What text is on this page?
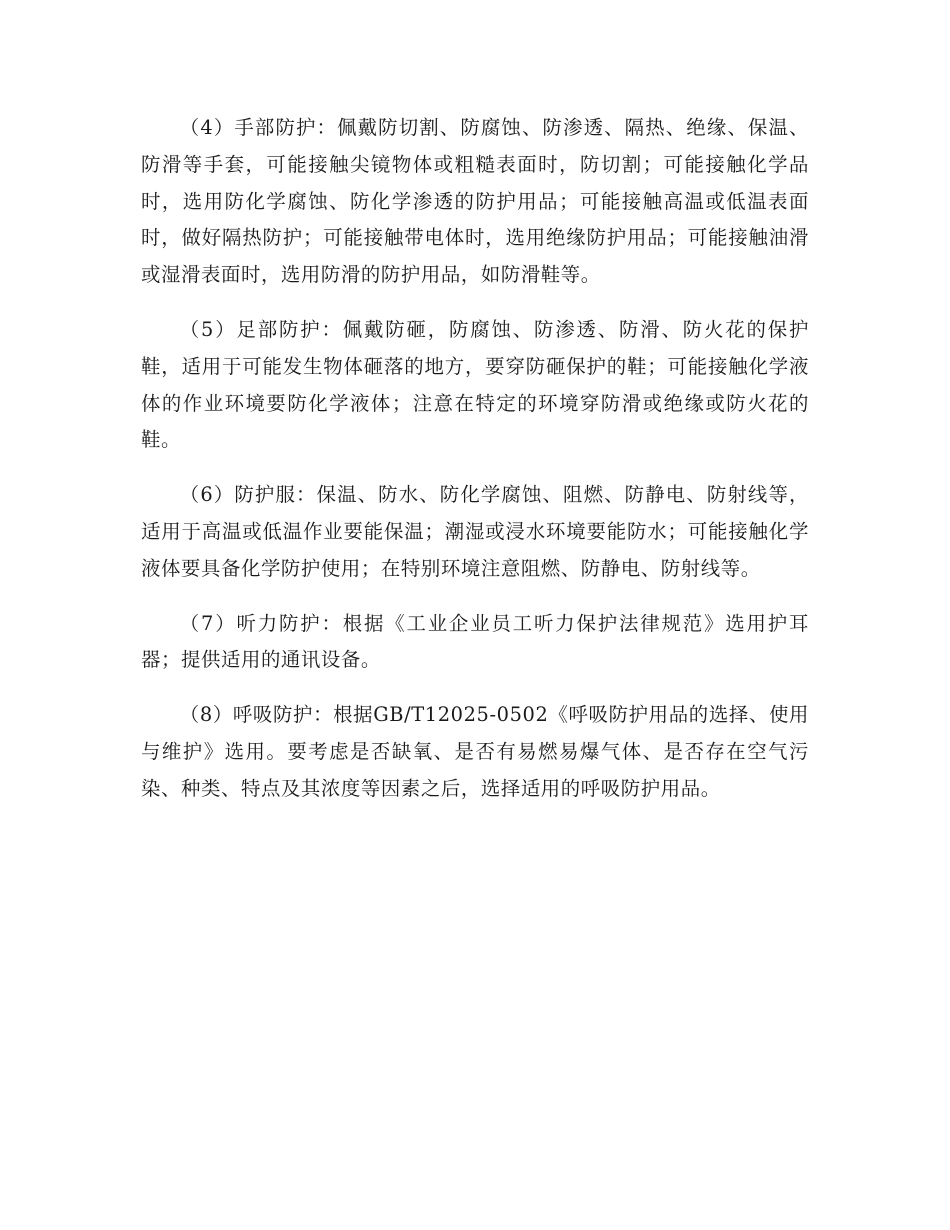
（4）手部防护：佩戴防切割、防腐蚀、防渗透、隔热、绝缘、保温、防滑等手套，可能接触尖镜物体或粗糙表面时，防切割；可能接触化学品时，选用防化学腐蚀、防化学渗透的防护用品；可能接触高温或低温表面时，做好隔热防护；可能接触带电体时，选用绝缘防护用品；可能接触油滑或湿滑表面时，选用防滑的防护用品，如防滑鞋等。

（5）足部防护：佩戴防砸，防腐蚀、防渗透、防滑、防火花的保护鞋，适用于可能发生物体砸落的地方，要穿防砸保护的鞋；可能接触化学液体的作业环境要防化学液体；注意在特定的环境穿防滑或绝缘或防火花的鞋。

（6）防护服：保温、防水、防化学腐蚀、阻燃、防静电、防射线等，适用于高温或低温作业要能保温；潮湿或浸水环境要能防水；可能接触化学液体要具备化学防护使用；在特别环境注意阻燃、防静电、防射线等。

（7）听力防护：根据《工业企业员工听力保护法律规范》选用护耳器；提供适用的通讯设备。

（8）呼吸防护：根据GB/T12025-0502《呼吸防护用品的选择、使用与维护》选用。要考虑是否缺氧、是否有易燃易爆气体、是否存在空气污染、种类、特点及其浓度等因素之后，选择适用的呼吸防护用品。
